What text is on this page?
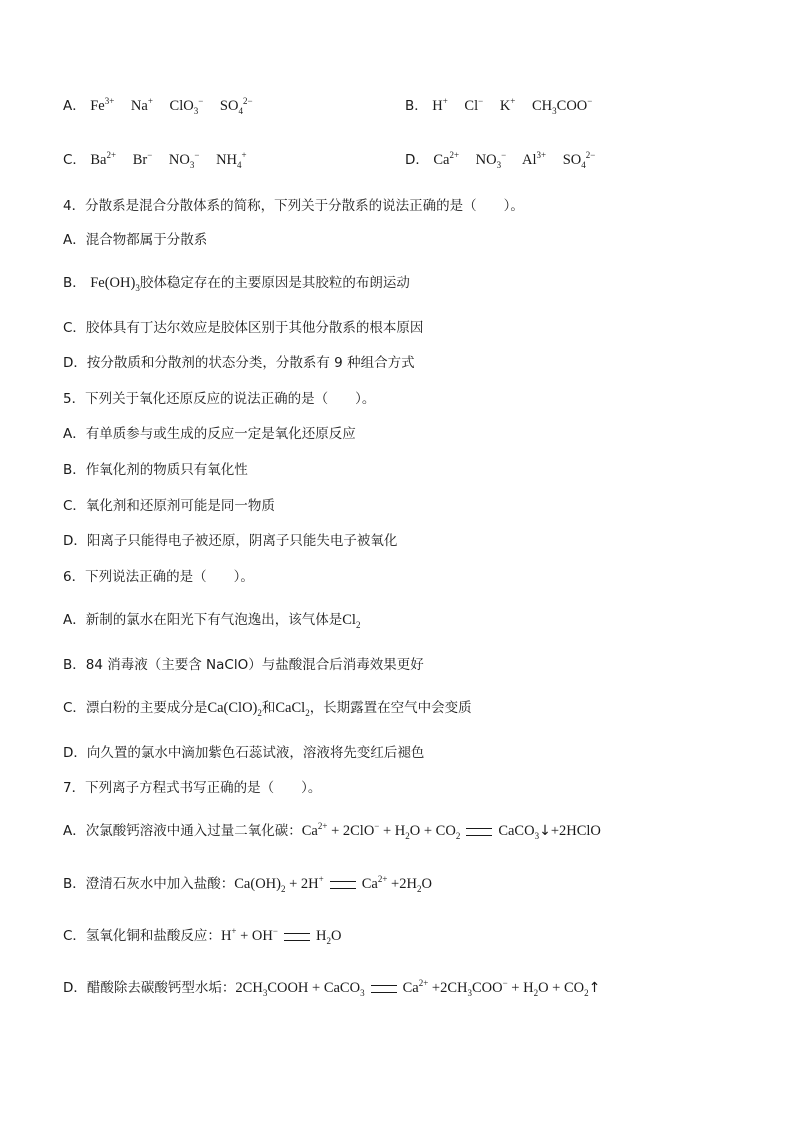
A． $Fe^{3+}$ Na+ ClO$_3$− $SO_4^{2-}$	B． H+ Cl− K+ $CH_3COO^-$
C． $Ba^{2+}$ Br− $NO_3^-$ $NH_4^+$	D． $Ca^{2+}$ $NO_3^-$ $Al^{3+}$ $SO_4^{2-}$
4．分散系是混合分散体系的简称，下列关于分散系的说法正确的是（　　）。
A．混合物都属于分散系
B． $Fe(OH)_3$胶体稳定存在的主要原因是其胶粒的布朗运动
C．胶体具有丁达尔效应是胶体区别于其他分散系的根本原因
D．按分散质和分散剂的状态分类，分散系有 9 种组合方式
5．下列关于氧化还原反应的说法正确的是（　　）。
A．有单质参与或生成的反应一定是氧化还原反应
B．作氧化剂的物质只有氧化性
C．氧化剂和还原剂可能是同一物质
D．阳离子只能得电子被还原，阴离子只能失电子被氧化
6．下列说法正确的是（　　）。
A．新制的氯水在阳光下有气泡逸出，该气体是$Cl_2$
B．84 消毒液（主要含 NaClO）与盐酸混合后消毒效果更好
C．漂白粉的主要成分是$Ca(ClO)_2$和CaCl$_2$，长期露置在空气中会变质
D．向久置的氯水中滴加紫色石蕊试液，溶液将先变红后褪色
7．下列离子方程式书写正确的是（　　）。
A．次氯酸钙溶液中通入过量二氧化碳：$Ca^{2+} + 2ClO^- + H_2O + CO_2$	CaCO$_3$↓+2HClO
B．澄清石灰水中加入盐酸：$Ca(OH)_2 + 2H^+$	$Ca^{2+} +2H_2O$
C．氢氧化铜和盐酸反应：H+ + OH−	$H_2O$
D．醋酸除去碳酸钙型水垢：$2CH_3COOH$ + CaCO$_3$	$Ca^{2+} +2CH_3COO^- + H_2O$ + $CO_2↑$
